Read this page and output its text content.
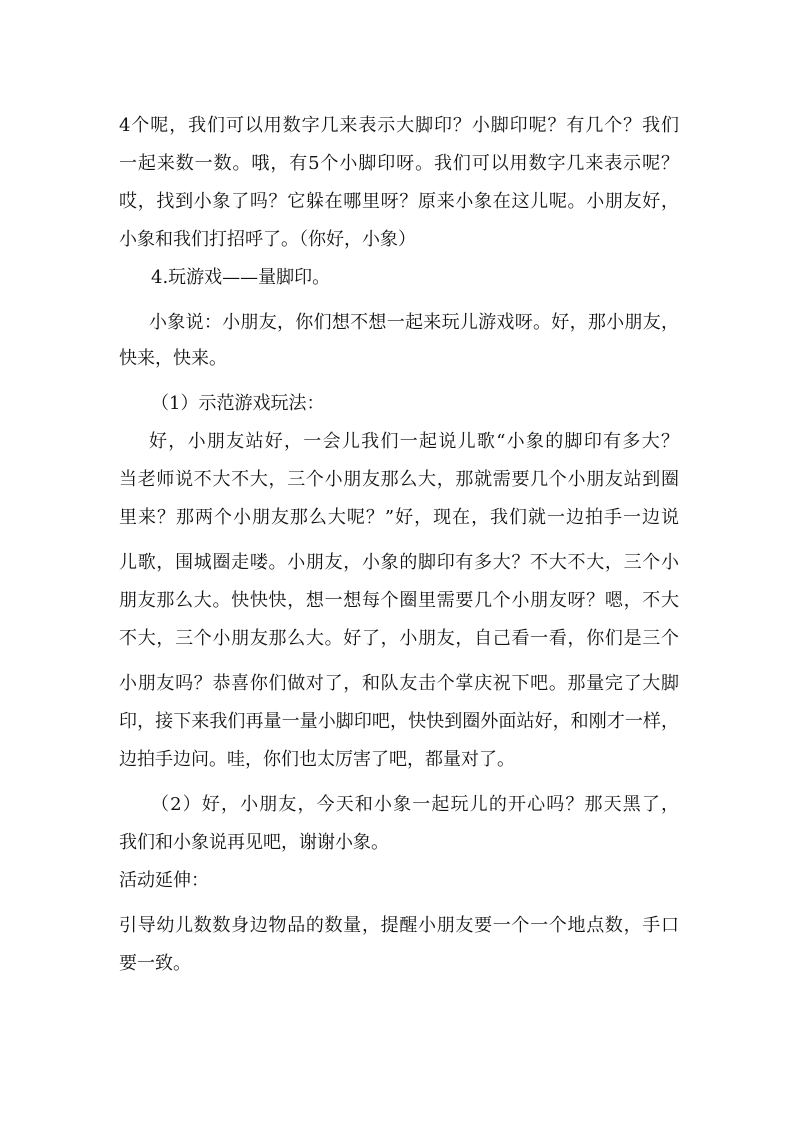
4个呢，我们可以用数字几来表示大脚印？小脚印呢？有几个？我们
一起来数一数。哦，有5个小脚印呀。我们可以用数字几来表示呢？
哎，找到小象了吗？它躲在哪里呀？原来小象在这儿呢。小朋友好，
小象和我们打招呼了。（你好，小象）
4.玩游戏——量脚印。
小象说：小朋友，你们想不想一起来玩儿游戏呀。好，那小朋友，
快来，快来。
（1）示范游戏玩法：
好，小朋友站好，一会儿我们一起说儿歌“小象的脚印有多大？
当老师说不大不大，三个小朋友那么大，那就需要几个小朋友站到圈
里来？那两个小朋友那么大呢？”好，现在，我们就一边拍手一边说
儿歌，围城圈走喽。小朋友，小象的脚印有多大？不大不大，三个小
朋友那么大。快快快，想一想每个圈里需要几个小朋友呀？嗯，不大
不大，三个小朋友那么大。好了，小朋友，自己看一看，你们是三个
小朋友吗？恭喜你们做对了，和队友击个掌庆祝下吧。那量完了大脚
印，接下来我们再量一量小脚印吧，快快到圈外面站好，和刚才一样，
边拍手边问。哇，你们也太厉害了吧，都量对了。
（2）好，小朋友，今天和小象一起玩儿的开心吗？那天黑了，
我们和小象说再见吧，谢谢小象。
活动延伸：
引导幼儿数数身边物品的数量，提醒小朋友要一个一个地点数，手口
要一致。
